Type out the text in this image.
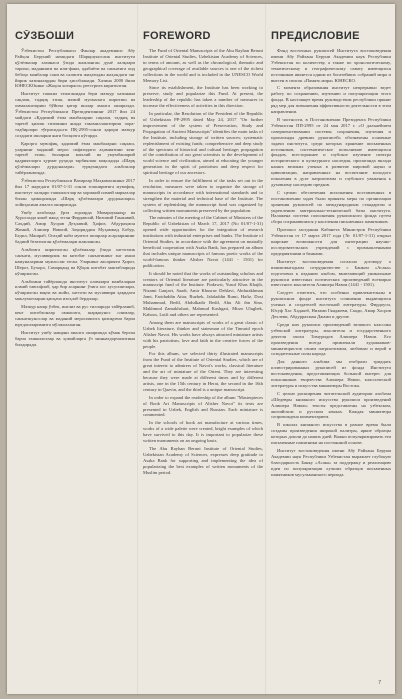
СЎЗБОШИ

Ўзбекистон Республикаси Фанлар академияси Абу Райҳон Беруний номидаги Шарқшунослик институти қўлёзмалар хазинаси ўзида жамланган дунё халқлари тарихи, маданияти ва илм-фани, адабиёти ва санъатига оид бебаҳо манбалар сони ва салмоғи жиҳатидан жаҳондаги энг йирик хазиналардан бири ҳисобланади. Хазина 2000 йили ЮНЕСКОнинг «Жаҳон хотираси» реестрига киритилган.

Институт ташкил этилганидан бери мазкур хазинани сақлаш, тадқиқ этиш, илмий муомалага киритиш ва оммалаштириш бўйича қатор ишлар амалга оширилди. Ўзбекистон Республикаси Президентининг 2017 йил 24 майдаги «Қадимий ёзма манбаларни сақлаш, тадқиқ ва тарғиб қилиш тизимини янада такомиллаштириш чора-тадбирлари тўғрисида»ги ПҚ-2995-сонли қарори мазкур соҳадаги ишларни янги босқичга кўтарди.

Қарорга мувофиқ, қадимий ёзма манбаларни сақлаш, уларнинг маданий мерос сифатидаги аҳамиятини кенг тарғиб этиш, ёшларни миллий ва умумбашарий қадриятларга ҳурмат руҳида тарбиялаш мақсадида «Шарқ қўлёзмалари дурдоналари» туркумидаги альбомлар тайёрланмоқда.

Ўзбекистон Республикаси Вазирлар Маҳкамасининг 2017 йил 17 мартдаги 01/07-1-31 сонли топшириғига мувофиқ, институт халқаро ташкилотлар ва хорижий илмий марказлар билан ҳамкорликда «Шарқ қўлёзмалари дурдоналари» лойиҳасини амалга оширмоқда.

Ушбу альбомда ўрта асрларда Мовароуннаҳр ва Хуросонда яшаб ижод этган Фирдавсий, Низомий Ганжавий, Саъдий, Амир Хусрав Деҳлавий, Ҳофиз, Абдураҳмон Жомий, Алишер Навоий, Заҳириддин Муҳаммад Бобур, Бедил, Машраб, Огаҳий каби мумтоз шоирлар асарларининг бадиий безатилган қўлёзмалари жамланган.

Альбомга киритилган қўлёзмалар ўзида хаттотлик санъати, мусаввирлик ва китобат санъатининг энг яхши намуналарини мужассам этган. Уларнинг аксарияти Ҳирот, Шероз, Бухоро, Самарқанд ва Қўқон китобат мактабларида кўчирилган.

Альбомни тайёрлашда институт олимлари манбаларни илмий тавсифлаб, ҳар бир асарнинг ўзига хос хусусиятлари, кўчирилган вақти ва жойи, хаттоти ва мусаввири ҳақидаги маълумотларни қисқача изоҳлаб бердилар.

Мазкур нашр ўзбек, инглиз ва рус тилларида тайёрланиб, кенг китобхонлар оммасига, шарқшунос олимлар, санъатшунослар ва маданий меросимизга қизиқувчи барча юртдошларимизга мўлжалланган.

Институт ушбу нашрни амалга оширишда кўмак берган барча ташкилотлар ва ҳомийларга ўз миннатдорчилигини билдиради.

FOREWORD

The Fund of Oriental Manuscripts of the Abu Rayhan Beruni Institute of Oriental Studies, Uzbekistan Academy of Sciences, in terms of amount, as well as the chronological, thematic and geographical coverage of available sources is one of the richest collections in the world and is included in the UNESCO World Memory List.

Since its establishment, the Institute has been working to preserve, study and popularize this Fund. At present, the leadership of the republic has taken a number of measures to increase the effectiveness of activities in this direction.

In particular, the Resolution of the President of the Republic of Uzbekistan PP-2995 dated May 24, 2017 "On further improvement of the system of Preservation, Study and Propagation of Ancient Manuscripts" identifies the main tasks of the Institute, including storage of written sources; systematic replenishment of existing funds; comprehensive and deep study of the spectrum of historical and cultural heritage; propagation of the contribution of our great scientists to the development of world science and civilization, aimed at educating the younger generation in the spirit of patriotism and deep respect for spiritual heritage of our ancestors.

In order to ensure the fulfillment of the tasks set out in the resolution, measures were taken to organize the storage of manuscripts in accordance with international standards and to strengthen the material and technical base of the Institute. The system of replenishing the manuscript fund was organized by collecting written monuments preserved by the population.

The minutes of the meeting of the Cabinet of Ministers of the Republic of Uzbekistan of March 17, 2017 (No 01/07-1-31) opened wide opportunities for the integration of research institutions with industrial enterprises and banks. The Institute of Oriental Studies, in accordance with the agreement on mutually beneficial cooperation with Asaka Bank, has prepared an album that includes unique manuscripts of famous poetic works of the world-famous thinker Alisher Navoi (1441 - 1501) for publication.

It should be noted that the works of outstanding scholars and creators of Oriental literature are particularly attractive in the manuscript fund of the Institute. Firdawsi, Yusuf Khas Khajib, Nizami Ganjavi, Saadi, Amir Khusrav Dehlavi, Abdurakhman Jami, Fariduddin Attar, Ruzbek, Jalaladdin Rumi, Hafiz, Dost Muhammad, Bedil, Abdulkadir Bedil, Abu Ali ibn Sina, Makhmud Zamakhshari, Mahmud Kashgari, Mirzo Ulugbek, Kaboos, Lutfi and others are represented.

Among them are manuscripts of works of a great classic of Uzbek literature, thinker and statesman of the Timurid epoch Alisher Navoi. His works have always attracted miniature artists with his patriotism, love and faith in the creative forces of the people.

For this album, we selected thirty illustrated manuscripts from the Fund of the Institute of Oriental Studies, which are of great interest to admirers of Navoi's works, classical literature and the art of miniature of the Orient. They are interesting because they were made at different times and by different artists, one in the 15th century in Herat, the second in the 16th century in Qazvin, and the third is a unique manuscript.

In order to expand the readership of the album "Masterpieces of Book Art Manuscripts of Alisher Navoi" its texts are presented in Uzbek, English and Russian. Each miniature is commented.

In the schools of book art manufacture at various times, works of a wide palette were created, bright examples of which have survived to this day. It is important to popularize these written monuments on an ongoing basis.

The Abu Rayhan Beruni Institute of Oriental Studies, Uzbekistan Academy of Sciences, expresses deep gratitude to Asaka Bank for supporting and implementing the idea of popularizing the best examples of written monuments of the Muslim period.

ПРЕДИСЛОВИЕ

Фонд восточных рукописей Института востоковедения имени Абу Райхана Беруни Академии наук Республики Узбекистан по количеству, а также по хронологическому, тематическому и географическому охвату имеющихся источников является одним из богатейших собраний мира и внесен в список «Память мира» ЮНЕСКО.

С момента образования институт непрерывно ведет работу по сохранению, изучению и популяризации этого фонда. В настоящее время руководством республики принят ряд мер для повышения эффективности деятельности в этом направлении.

В частности, в Постановлении Президента Республики Узбекистан ПП-2995 от 24 мая 2017 г. «О дальнейшем совершенствовании системы сохранения, изучения и пропаганды древних рукописей» обозначены основные задачи института, среди которых хранение письменных источников, систематическое пополнение имеющихся фондов, всестороннее и глубокое изучение спектра исторического и культурного наследия, пропаганда вклада наших великих ученых в развитие мировой науки и цивилизации, направленных на воспитание молодого поколения в духе патриотизма и глубокого уважения к духовному наследию предков.

С целью обеспечения исполнения поставленных в постановлении задач были приняты меры по организации хранения рукописей по международным стандартам и укреплению материально-технической базы института. Налажена система пополнения рукописного фонда путем сбора сохранившихся у населения письменных памятников.

Протокол заседания Кабинета Министров Республики Узбекистан от 17 марта 2017 года (№ 01/07-1-31) открыл широкие возможности для интеграции научно-исследовательских учреждений с промышленными предприятиями и банками.

Институт востоковедения согласно договору о взаимовыгодном сотрудничестве с Банком «Асака» подготовил к изданию альбом, включающий уникальные рукописи известных поэтических произведений всемирно известного мыслителя Алишера Навои (1441 - 1501).

Следует отметить, что особенно привлекательны в рукописном фонде института сочинения выдающихся ученых и создателей восточной литературы. Фирдоуси, Юсуф Хас Хаджиб, Низами Гянджеви, Саади, Амир Хосров Дехлеви, Абдуррахман Джами и другие.

Среди них рукописи произведений великого классика узбекской литературы, мыслителя и государственного деятеля эпохи Тимуридов Алишера Навои. Его произведения всегда привлекали художников-миниатюристов своим патриотизмом, любовью и верой в созидательные силы народа.

Для данного альбома мы отобрали тридцать иллюстрированных рукописей из фонда Института востоковедения, представляющих большой интерес для поклонников творчества Алишера Навои, классической литературы и искусства миниатюры Востока.

С целью расширения читательской аудитории альбома «Шедевры книжного искусства рукописи произведений Алишера Навои» тексты представлены на узбекском, английском и русском языках. Каждая миниатюра сопровождена комментарием.

В школах книжного искусства в разное время были созданы произведения широкой палитры, яркие образцы которых дошли до наших дней. Важно популяризировать эти письменные памятники на постоянной основе.

Институт востоковедения имени Абу Райхана Беруни Академии наук Республики Узбекистан выражает глубокую благодарность Банку «Асака» за поддержку и реализацию идеи по популяризации лучших образцов письменных памятников мусульманского периода.

7
